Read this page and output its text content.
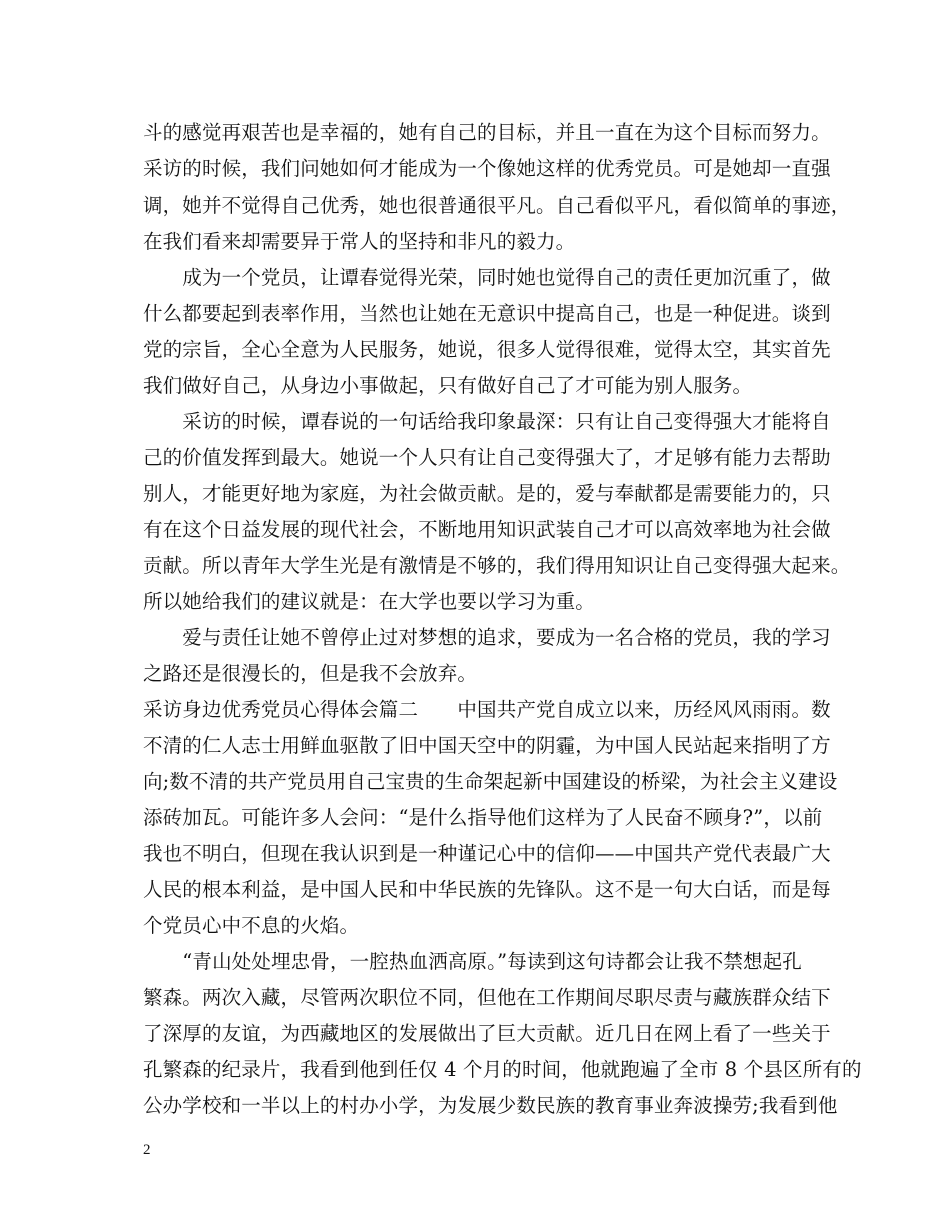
斗的感觉再艰苦也是幸福的，她有自己的目标，并且一直在为这个目标而努力。
采访的时候，我们问她如何才能成为一个像她这样的优秀党员。可是她却一直强
调，她并不觉得自己优秀，她也很普通很平凡。自己看似平凡，看似简单的事迹，
在我们看来却需要异于常人的坚持和非凡的毅力。
　　成为一个党员，让谭春觉得光荣，同时她也觉得自己的责任更加沉重了，做
什么都要起到表率作用，当然也让她在无意识中提高自己，也是一种促进。谈到
党的宗旨，全心全意为人民服务，她说，很多人觉得很难，觉得太空，其实首先
我们做好自己，从身边小事做起，只有做好自己了才可能为别人服务。
　　采访的时候，谭春说的一句话给我印象最深：只有让自己变得强大才能将自
己的价值发挥到最大。她说一个人只有让自己变得强大了，才足够有能力去帮助
别人，才能更好地为家庭，为社会做贡献。是的，爱与奉献都是需要能力的，只
有在这个日益发展的现代社会，不断地用知识武装自己才可以高效率地为社会做
贡献。所以青年大学生光是有激情是不够的，我们得用知识让自己变得强大起来。
所以她给我们的建议就是：在大学也要以学习为重。
　　爱与责任让她不曾停止过对梦想的追求，要成为一名合格的党员，我的学习
之路还是很漫长的，但是我不会放弃。
采访身边优秀党员心得体会篇二　　中国共产党自成立以来，历经风风雨雨。数
不清的仁人志士用鲜血驱散了旧中国天空中的阴霾，为中国人民站起来指明了方
向;数不清的共产党员用自己宝贵的生命架起新中国建设的桥梁，为社会主义建设
添砖加瓦。可能许多人会问：“是什么指导他们这样为了人民奋不顾身?”，以前
我也不明白，但现在我认识到是一种谨记心中的信仰——中国共产党代表最广大
人民的根本利益，是中国人民和中华民族的先锋队。这不是一句大白话，而是每
个党员心中不息的火焰。
　　“青山处处埋忠骨，一腔热血洒高原。”每读到这句诗都会让我不禁想起孔
繁森。两次入藏，尽管两次职位不同，但他在工作期间尽职尽责与藏族群众结下
了深厚的友谊，为西藏地区的发展做出了巨大贡献。近几日在网上看了一些关于
孔繁森的纪录片，我看到他到任仅 4 个月的时间，他就跑遍了全市 8 个县区所有的
公办学校和一半以上的村办小学，为发展少数民族的教育事业奔波操劳;我看到他
2
